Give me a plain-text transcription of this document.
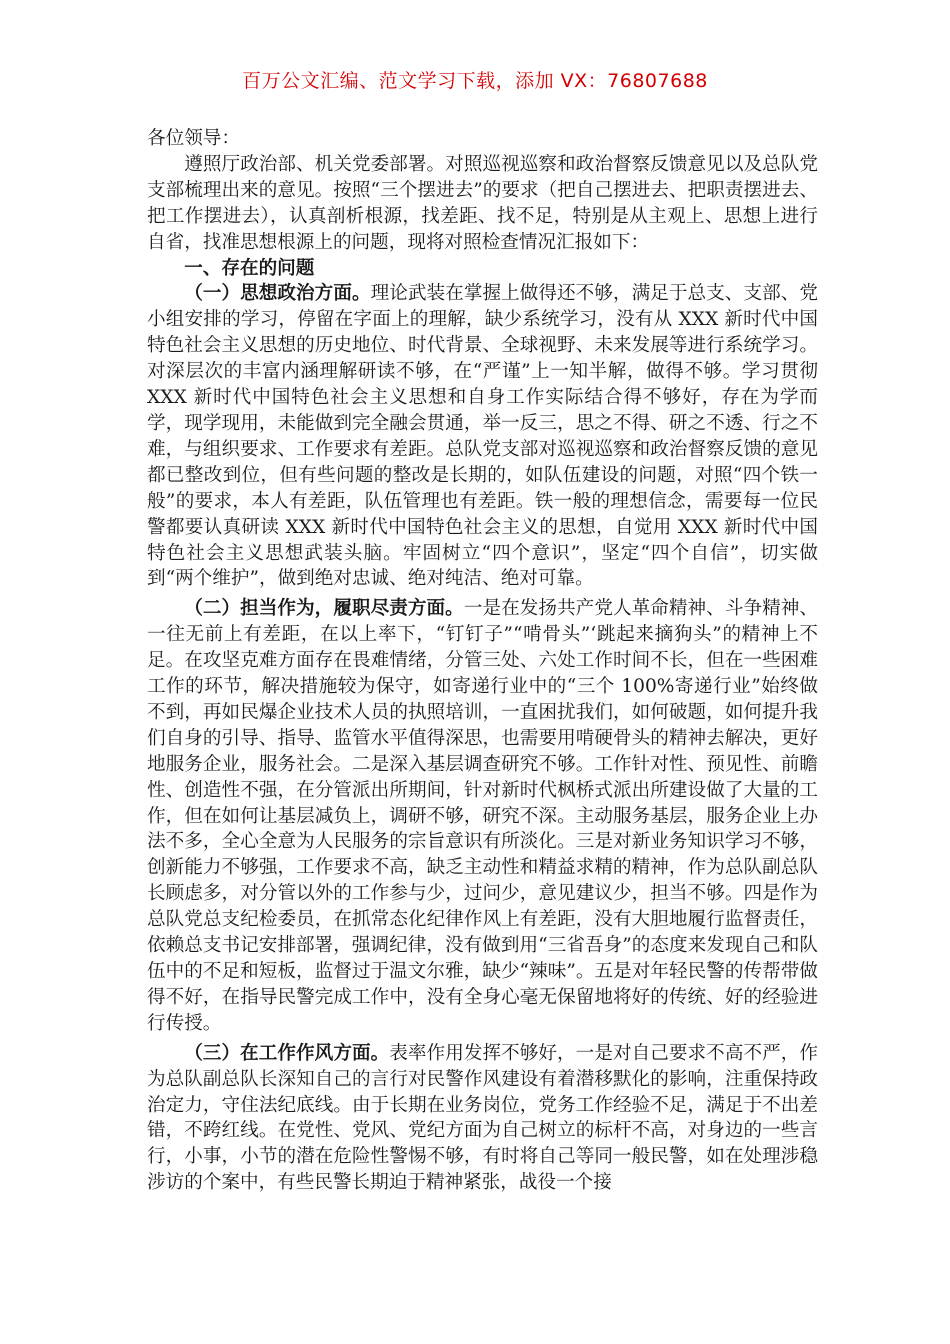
百万公文汇编、范文学习下载，添加 VX：76807688

各位领导：

遵照厅政治部、机关党委部署。对照巡视巡察和政治督察反馈意见以及总队党支部梳理出来的意见。按照“三个摆进去”的要求（把自己摆进去、把职责摆进去、把工作摆进去），认真剖析根源，找差距、找不足，特别是从主观上、思想上进行自省，找准思想根源上的问题，现将对照检查情况汇报如下：

一、存在的问题

（一）思想政治方面。理论武装在掌握上做得还不够，满足于总支、支部、党小组安排的学习，停留在字面上的理解，缺少系统学习，没有从 XXX 新时代中国特色社会主义思想的历史地位、时代背景、全球视野、未来发展等进行系统学习。对深层次的丰富内涵理解研读不够，在“严谨”上一知半解，做得不够。学习贯彻 XXX 新时代中国特色社会主义思想和自身工作实际结合得不够好，存在为学而学，现学现用，未能做到完全融会贯通，举一反三，思之不得、研之不透、行之不难，与组织要求、工作要求有差距。总队党支部对巡视巡察和政治督察反馈的意见都已整改到位，但有些问题的整改是长期的，如队伍建设的问题，对照“四个铁一般”的要求，本人有差距，队伍管理也有差距。铁一般的理想信念，需要每一位民警都要认真研读 XXX 新时代中国特色社会主义的思想，自觉用 XXX 新时代中国特色社会主义思想武装头脑。牢固树立“四个意识”，坚定“四个自信”，切实做到“两个维护”，做到绝对忠诚、绝对纯洁、绝对可靠。

（二）担当作为，履职尽责方面。一是在发扬共产党人革命精神、斗争精神、一往无前上有差距，在以上率下，“钉钉子”“啃骨头”‘跳起来摘狗头”的精神上不足。在攻坚克难方面存在畏难情绪，分管三处、六处工作时间不长，但在一些困难工作的环节，解决措施较为保守，如寄递行业中的“三个 100%寄递行业”始终做不到，再如民爆企业技术人员的执照培训，一直困扰我们，如何破题，如何提升我们自身的引导、指导、监管水平值得深思，也需要用啃硬骨头的精神去解决，更好地服务企业，服务社会。二是深入基层调查研究不够。工作针对性、预见性、前瞻性、创造性不强，在分管派出所期间，针对新时代枫桥式派出所建设做了大量的工作，但在如何让基层减负上，调研不够，研究不深。主动服务基层，服务企业上办法不多，全心全意为人民服务的宗旨意识有所淡化。三是对新业务知识学习不够，创新能力不够强，工作要求不高，缺乏主动性和精益求精的精神，作为总队副总队长顾虑多，对分管以外的工作参与少，过问少，意见建议少，担当不够。四是作为总队党总支纪检委员，在抓常态化纪律作风上有差距，没有大胆地履行监督责任，依赖总支书记安排部署，强调纪律，没有做到用“三省吾身”的态度来发现自己和队伍中的不足和短板，监督过于温文尔雅，缺少“辣味”。五是对年轻民警的传帮带做得不好，在指导民警完成工作中，没有全身心毫无保留地将好的传统、好的经验进行传授。

（三）在工作作风方面。表率作用发挥不够好，一是对自己要求不高不严，作为总队副总队长深知自己的言行对民警作风建设有着潜移默化的影响，注重保持政治定力，守住法纪底线。由于长期在业务岗位，党务工作经验不足，满足于不出差错，不跨红线。在党性、党风、党纪方面为自己树立的标杆不高，对身边的一些言行，小事，小节的潜在危险性警惕不够，有时将自己等同一般民警，如在处理涉稳涉访的个案中，有些民警长期迫于精神紧张，战役一个接
